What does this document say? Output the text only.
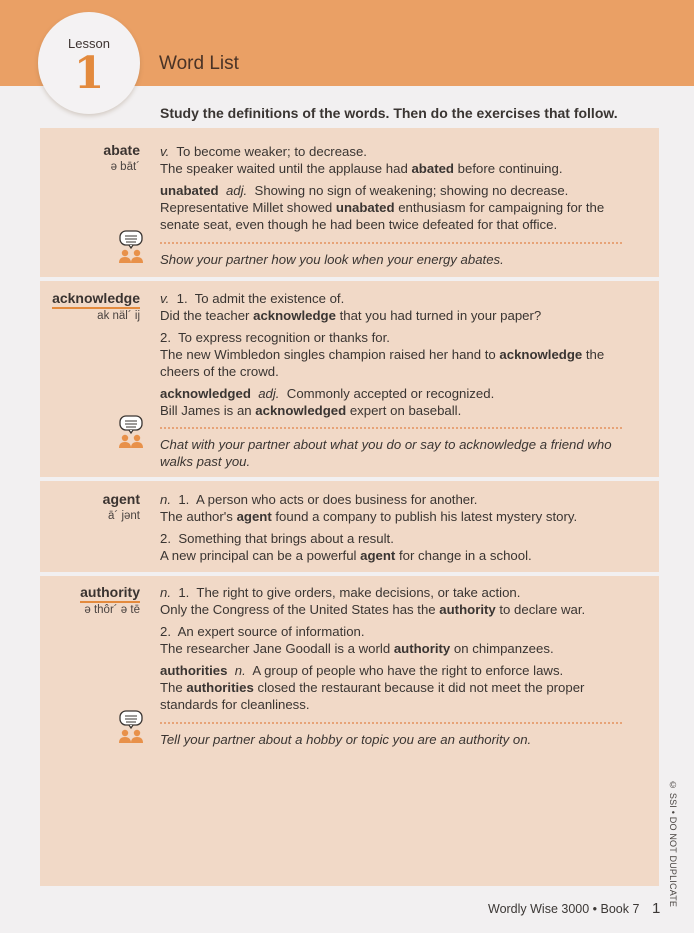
Lesson
1	Word List
Study the definitions of the words. Then do the exercises that follow.
abate
ə bāt´
v. To become weaker; to decrease.
The speaker waited until the applause had abated before continuing.
unabated adj. Showing no sign of weakening; showing no decrease.
Representative Millet showed unabated enthusiasm for campaigning for the senate seat, even though he had been twice defeated for that office.
Show your partner how you look when your energy abates.
acknowledge
ak näl´ ij
v. 1. To admit the existence of.
Did the teacher acknowledge that you had turned in your paper?
2. To express recognition or thanks for.
The new Wimbledon singles champion raised her hand to acknowledge the cheers of the crowd.
acknowledged adj. Commonly accepted or recognized.
Bill James is an acknowledged expert on baseball.
Chat with your partner about what you do or say to acknowledge a friend who walks past you.
agent
ā´ jənt
n. 1. A person who acts or does business for another.
The author's agent found a company to publish his latest mystery story.
2. Something that brings about a result.
A new principal can be a powerful agent for change in a school.
authority
ə thôr´ ə tē
n. 1. The right to give orders, make decisions, or take action.
Only the Congress of the United States has the authority to declare war.
2. An expert source of information.
The researcher Jane Goodall is a world authority on chimpanzees.
authorities n. A group of people who have the right to enforce laws.
The authorities closed the restaurant because it did not meet the proper standards for cleanliness.
Tell your partner about a hobby or topic you are an authority on.
© SSI • DO NOT DUPLICATE
Wordly Wise 3000 • Book 7 1
